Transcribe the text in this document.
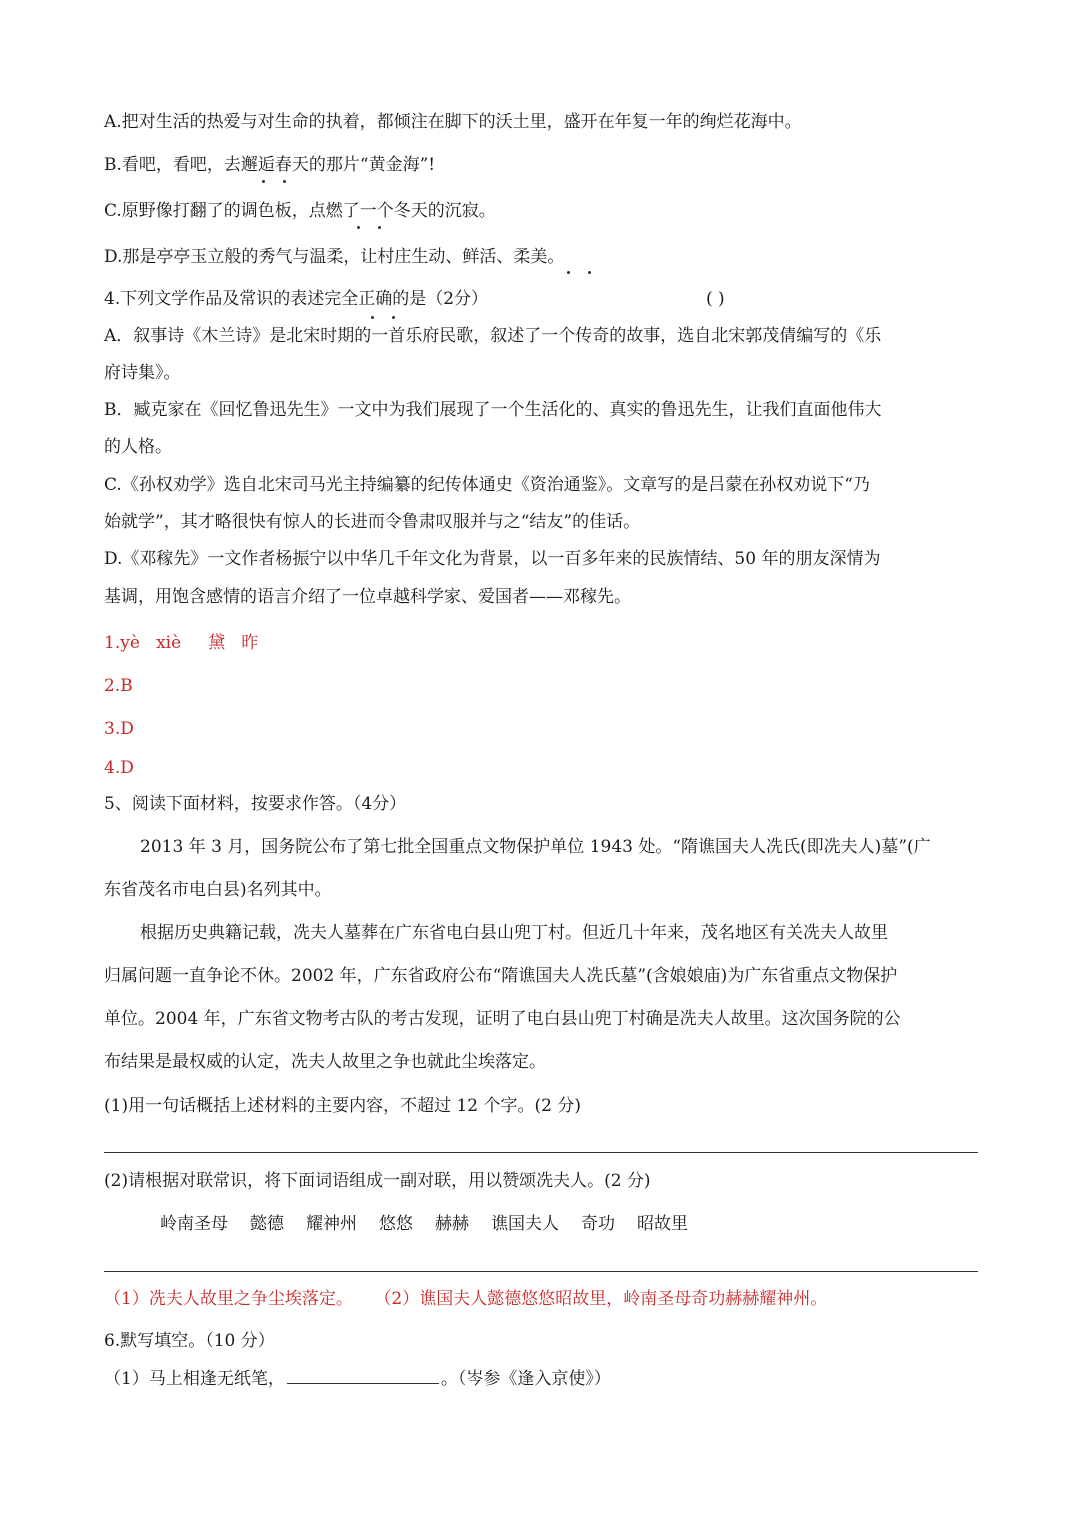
A.把对生活的热爱与对生命的执着，都倾注在脚下的沃土里，盛开在年复一年的绚烂花海中。
B.看吧，看吧，去邂逅春天的那片“黄金海”!
C.原野像打翻了的调色板，点燃了一个冬天的沉寂。
D.那是亭亭玉立般的秀气与温柔，让村庄生动、鲜活、柔美。
4.下列文学作品及常识的表述完全正确的是（2分）	( )
A．叙事诗《木兰诗》是北宋时期的一首乐府民歌，叙述了一个传奇的故事，选自北宋郭茂倩编写的《乐
府诗集》。
B．臧克家在《回忆鲁迅先生》一文中为我们展现了一个生活化的、真实的鲁迅先生，让我们直面他伟大
的人格。
C.《孙权劝学》选自北宋司马光主持编纂的纪传体通史《资治通鉴》。文章写的是吕蒙在孙权劝说下“乃
始就学”，其才略很快有惊人的长进而令鲁肃叹服并与之“结友”的佳话。
D.《邓稼先》一文作者杨振宁以中华几千年文化为背景，以一百多年来的民族情结、50 年的朋友深情为
基调，用饱含感情的语言介绍了一位卓越科学家、爱国者——邓稼先。
1.yè   xiè     黛   昨
2.B
3.D
4.D
5、阅读下面材料，按要求作答。（4分）
2013 年 3 月，国务院公布了第七批全国重点文物保护单位 1943 处。“隋谯国夫人冼氏(即冼夫人)墓”(广
东省茂名市电白县)名列其中。
根据历史典籍记载，冼夫人墓葬在广东省电白县山兜丁村。但近几十年来，茂名地区有关冼夫人故里
归属问题一直争论不休。2002 年，广东省政府公布“隋谯国夫人冼氏墓”(含娘娘庙)为广东省重点文物保护
单位。2004 年，广东省文物考古队的考古发现，证明了电白县山兜丁村确是冼夫人故里。这次国务院的公
布结果是最权威的认定，冼夫人故里之争也就此尘埃落定。
(1)用一句话概括上述材料的主要内容，不超过 12 个字。(2 分)
(2)请根据对联常识，将下面词语组成一副对联，用以赞颂冼夫人。(2 分)
岭南圣母 懿德 耀神州 悠悠 赫赫 谯国夫人 奇功 昭故里
（1）冼夫人故里之争尘埃落定。    （2）谯国夫人懿德悠悠昭故里，岭南圣母奇功赫赫耀神州。
6.默写填空。（10 分）
（1）马上相逢无纸笔，	。（岑参《逢入京使》）
